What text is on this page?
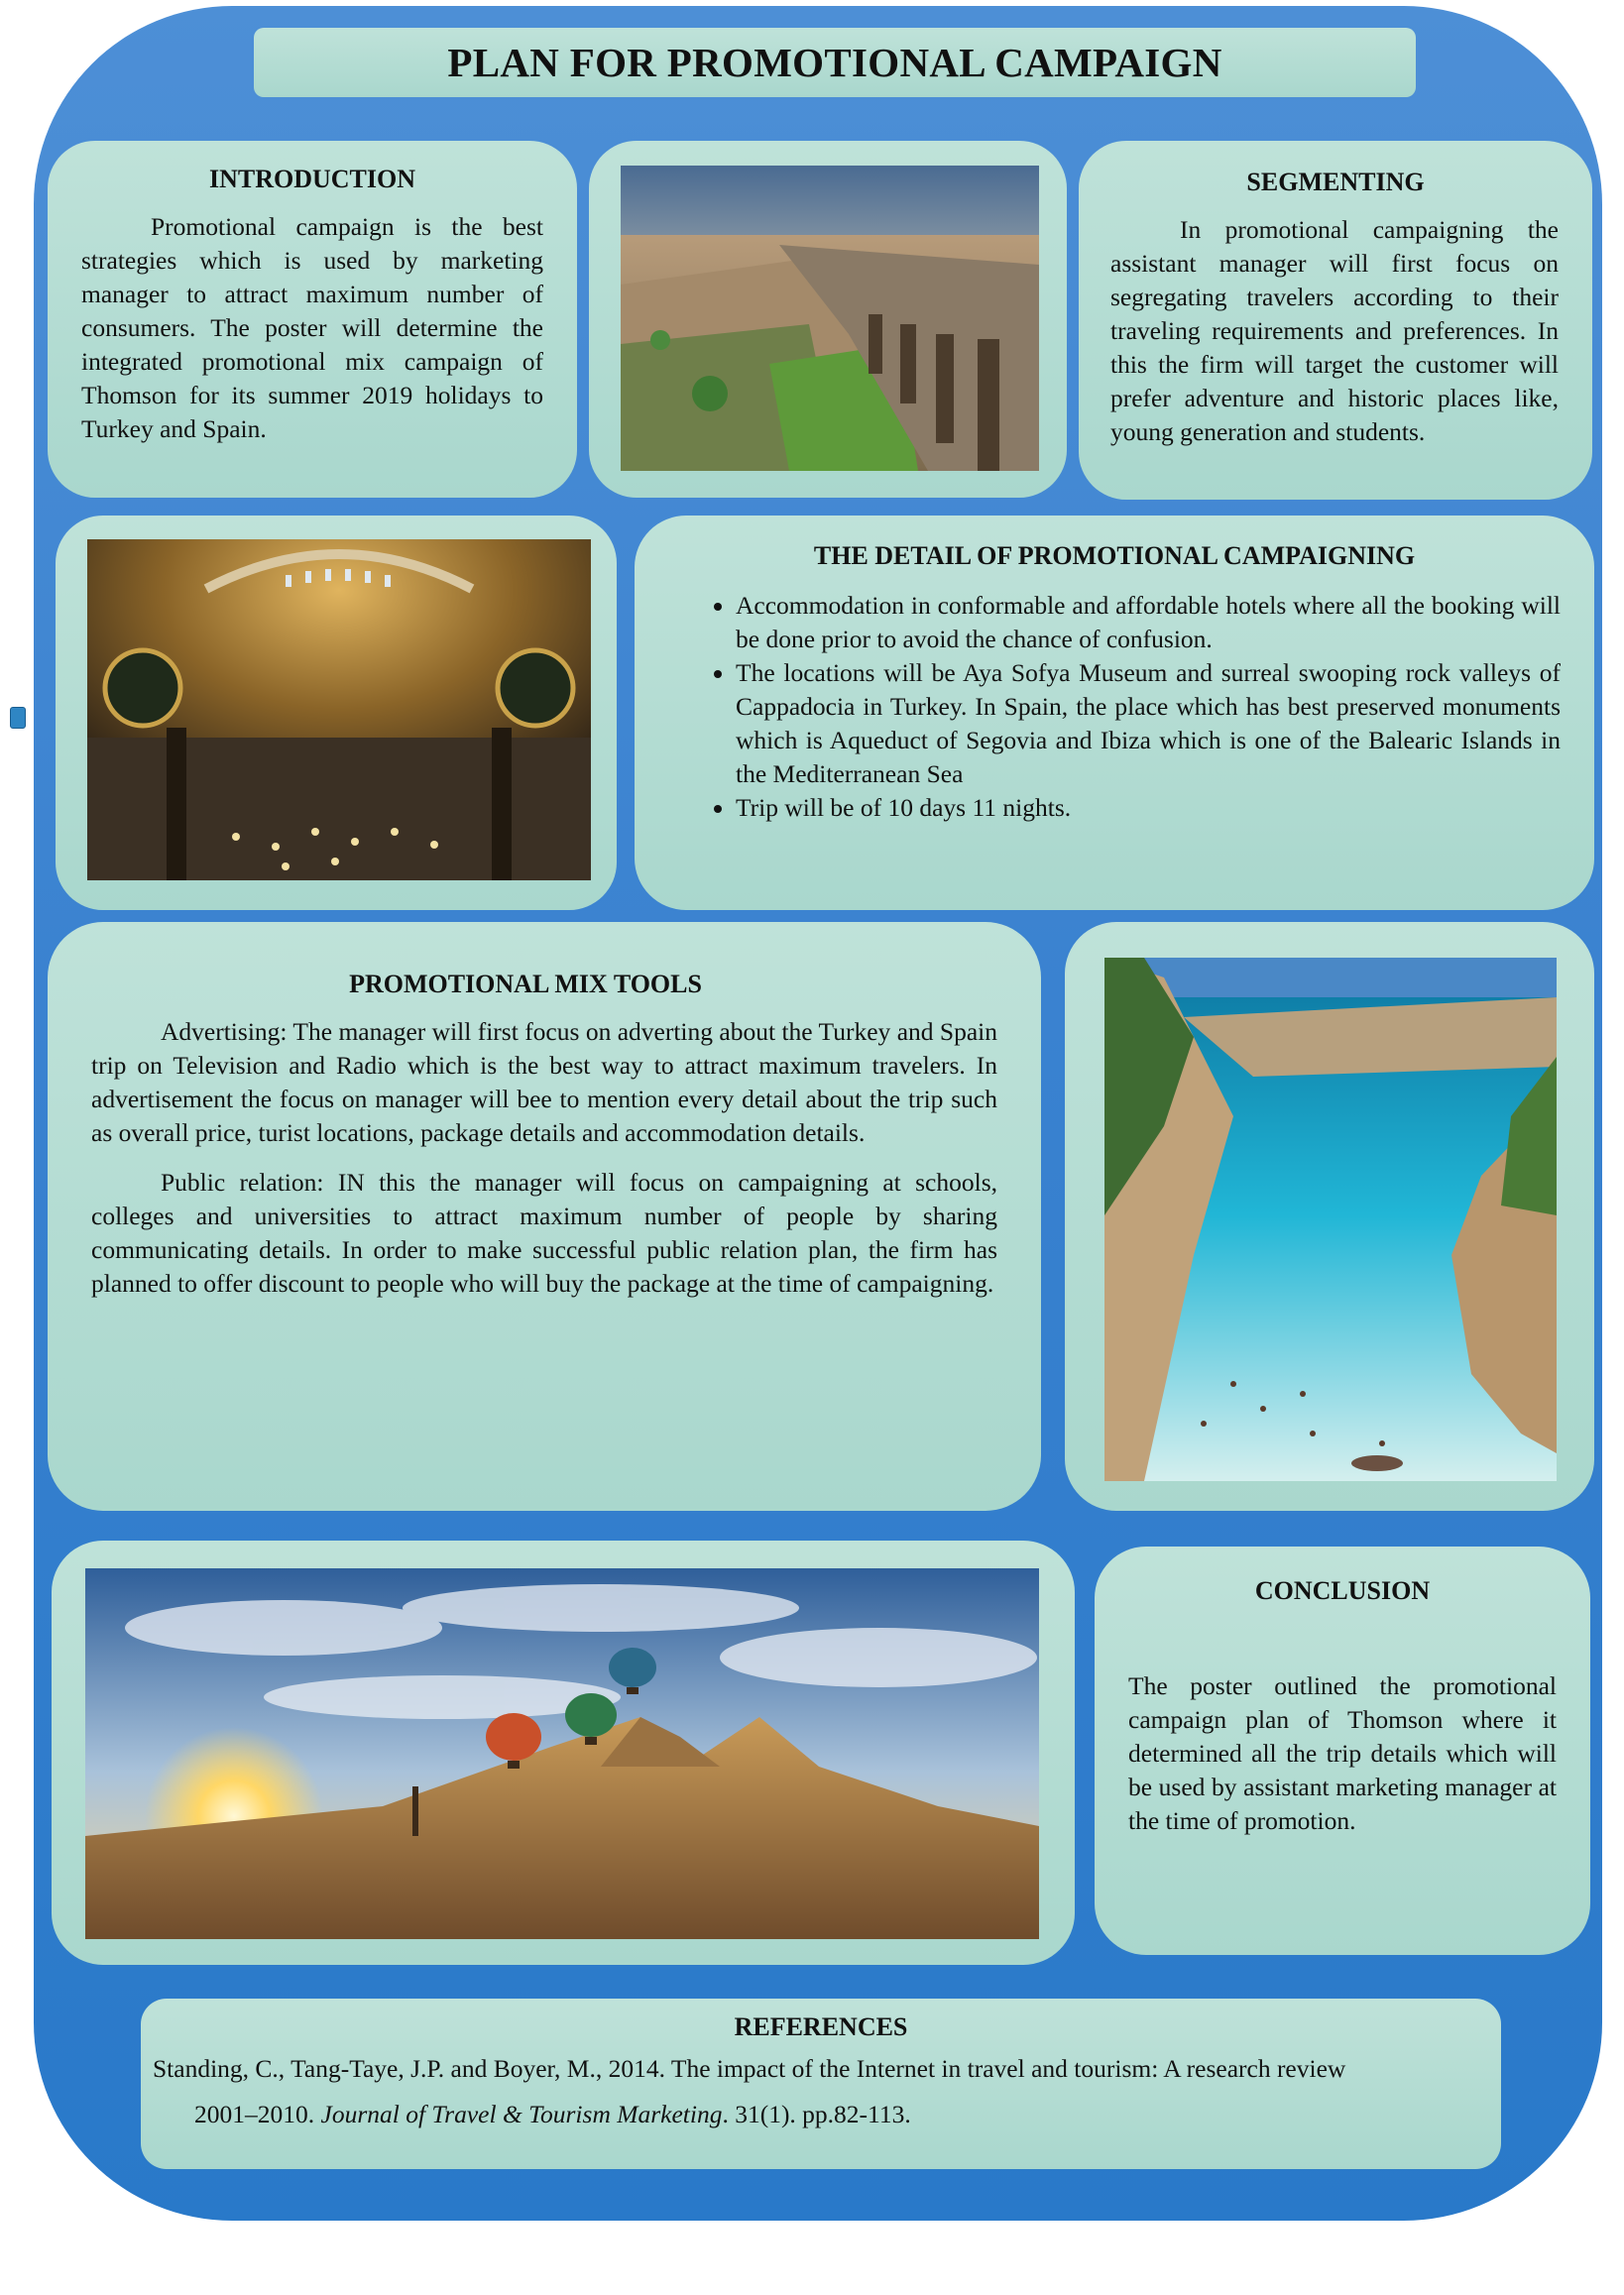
PLAN FOR PROMOTIONAL CAMPAIGN
INTRODUCTION

Promotional campaign is the best strategies which is used by marketing manager to attract maximum number of consumers. The poster will determine the integrated promotional mix campaign of Thomson for its summer 2019 holidays to Turkey and Spain.

SEGMENTING

In promotional campaigning the assistant manager will first focus on segregating travelers according to their traveling requirements and preferences. In this the firm will target the customer will prefer adventure and historic places like, young generation and students.

THE DETAIL OF PROMOTIONAL CAMPAIGNING
• Accommodation in conformable and affordable hotels where all the booking will be done prior to avoid the chance of confusion.
• The locations will be Aya Sofya Museum and surreal swooping rock valleys of Cappadocia in Turkey. In Spain, the place which has best preserved monuments which is Aqueduct of Segovia and Ibiza which is one of the Balearic Islands in the Mediterranean Sea
• Trip will be of 10 days 11 nights.
PROMOTIONAL MIX TOOLS

Advertising: The manager will first focus on adverting about the Turkey and Spain trip on Television and Radio which is the best way to attract maximum travelers. In advertisement the focus on manager will bee to mention every detail about the trip such as overall price, turist locations, package details and accommodation details.

Public relation: IN this the manager will focus on campaigning at schools, colleges and universities to attract maximum number of people by sharing communicating details. In order to make successful public relation plan, the firm has planned to offer discount to people who will buy the package at the time of campaigning.

CONCLUSION

The poster outlined the promotional campaign plan of Thomson where it determined all the trip details which will be used by assistant marketing manager at the time of promotion.

REFERENCES

Standing, C., Tang-Taye, J.P. and Boyer, M., 2014. The impact of the Internet in travel and tourism: A research review
2001–2010. Journal of Travel & Tourism Marketing. 31(1). pp.82-113.
